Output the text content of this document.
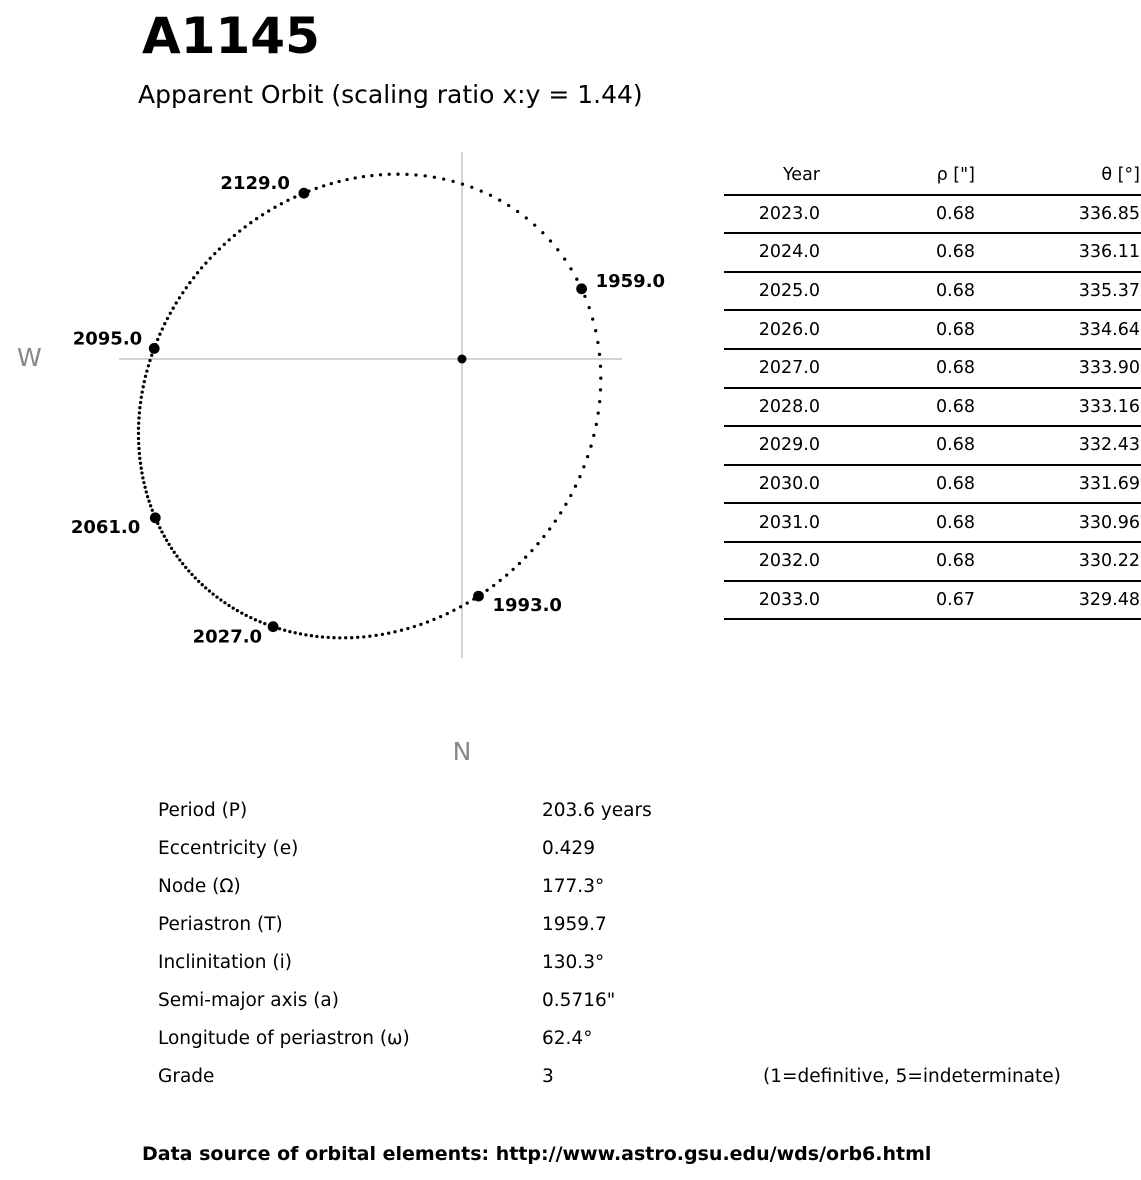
A1145
Apparent Orbit (scaling ratio x:y = 1.44)
1959.0
1993.0
2027.0
2061.0
2095.0
2129.0
W
N
Year	ρ ["]	θ [°]
2023.0	0.68	336.85
2024.0	0.68	336.11
2025.0	0.68	335.37
2026.0	0.68	334.64
2027.0	0.68	333.90
2028.0	0.68	333.16
2029.0	0.68	332.43
2030.0	0.68	331.69
2031.0	0.68	330.96
2032.0	0.68	330.22
2033.0	0.67	329.48
Period (P)	203.6 years
Eccentricity (e)	0.429
Node (Ω)	177.3°
Periastron (T)	1959.7
Inclinitation (i)	130.3°
Semi-major axis (a)	0.5716"
Longitude of periastron (ω)	62.4°
Grade	3	(1=definitive, 5=indeterminate)
Data source of orbital elements: http://www.astro.gsu.edu/wds/orb6.html
